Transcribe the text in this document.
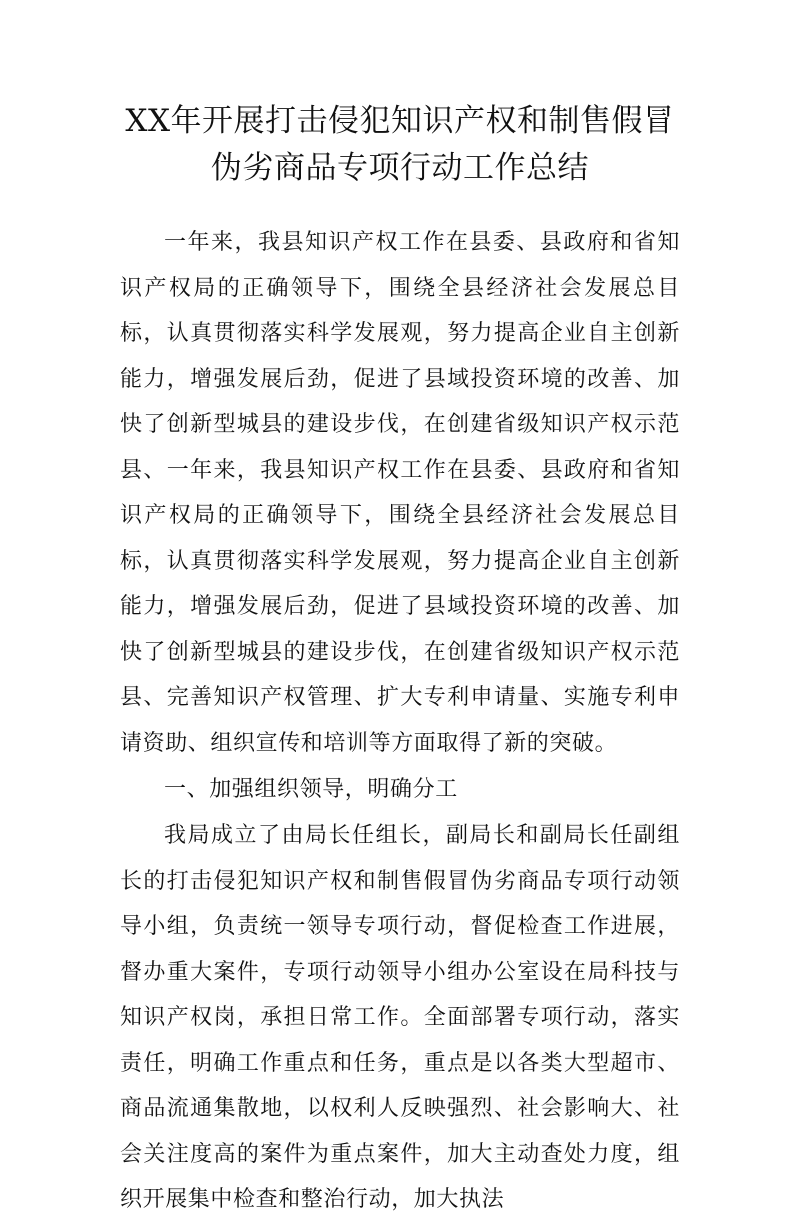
XX年开展打击侵犯知识产权和制售假冒
伪劣商品专项行动工作总结

一年来，我县知识产权工作在县委、县政府和省知识产权局的正确领导下，围绕全县经济社会发展总目标，认真贯彻落实科学发展观，努力提高企业自主创新能力，增强发展后劲，促进了县域投资环境的改善、加快了创新型城县的建设步伐，在创建省级知识产权示范县、一年来，我县知识产权工作在县委、县政府和省知识产权局的正确领导下，围绕全县经济社会发展总目标，认真贯彻落实科学发展观，努力提高企业自主创新能力，增强发展后劲，促进了县域投资环境的改善、加快了创新型城县的建设步伐，在创建省级知识产权示范县、完善知识产权管理、扩大专利申请量、实施专利申请资助、组织宣传和培训等方面取得了新的突破。

一、加强组织领导，明确分工

我局成立了由局长任组长，副局长和副局长任副组长的打击侵犯知识产权和制售假冒伪劣商品专项行动领导小组，负责统一领导专项行动，督促检查工作进展，督办重大案件，专项行动领导小组办公室设在局科技与知识产权岗，承担日常工作。全面部署专项行动，落实责任，明确工作重点和任务，重点是以各类大型超市、商品流通集散地，以权利人反映强烈、社会影响大、社会关注度高的案件为重点案件，加大主动查处力度，组织开展集中检查和整治行动，加大执法
